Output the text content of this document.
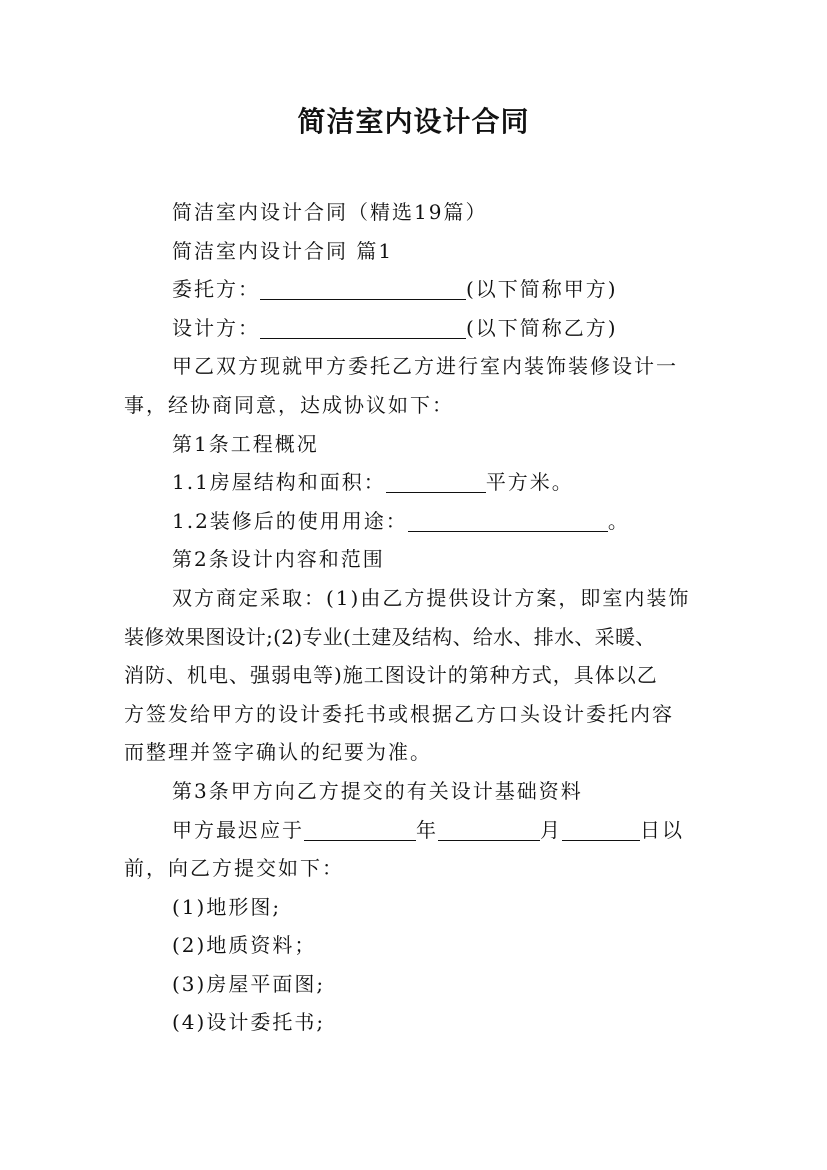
简洁室内设计合同
简洁室内设计合同（精选19篇）
简洁室内设计合同 篇1
委托方：	(以下简称甲方)
设计方：	(以下简称乙方)
甲乙双方现就甲方委托乙方进行室内装饰装修设计一
事，经协商同意，达成协议如下：
第1条工程概况
1.1房屋结构和面积：	平方米。
1.2装修后的使用用途：	。
第2条设计内容和范围
双方商定采取：(1)由乙方提供设计方案，即室内装饰
装修效果图设计;(2)专业(土建及结构、给水、排水、采暖、
消防、机电、强弱电等)施工图设计的第种方式，具体以乙
方签发给甲方的设计委托书或根据乙方口头设计委托内容
而整理并签字确认的纪要为准。
第3条甲方向乙方提交的有关设计基础资料
甲方最迟应于	年	月	日以
前，向乙方提交如下：
(1)地形图;
(2)地质资料；
(3)房屋平面图;
(4)设计委托书;
